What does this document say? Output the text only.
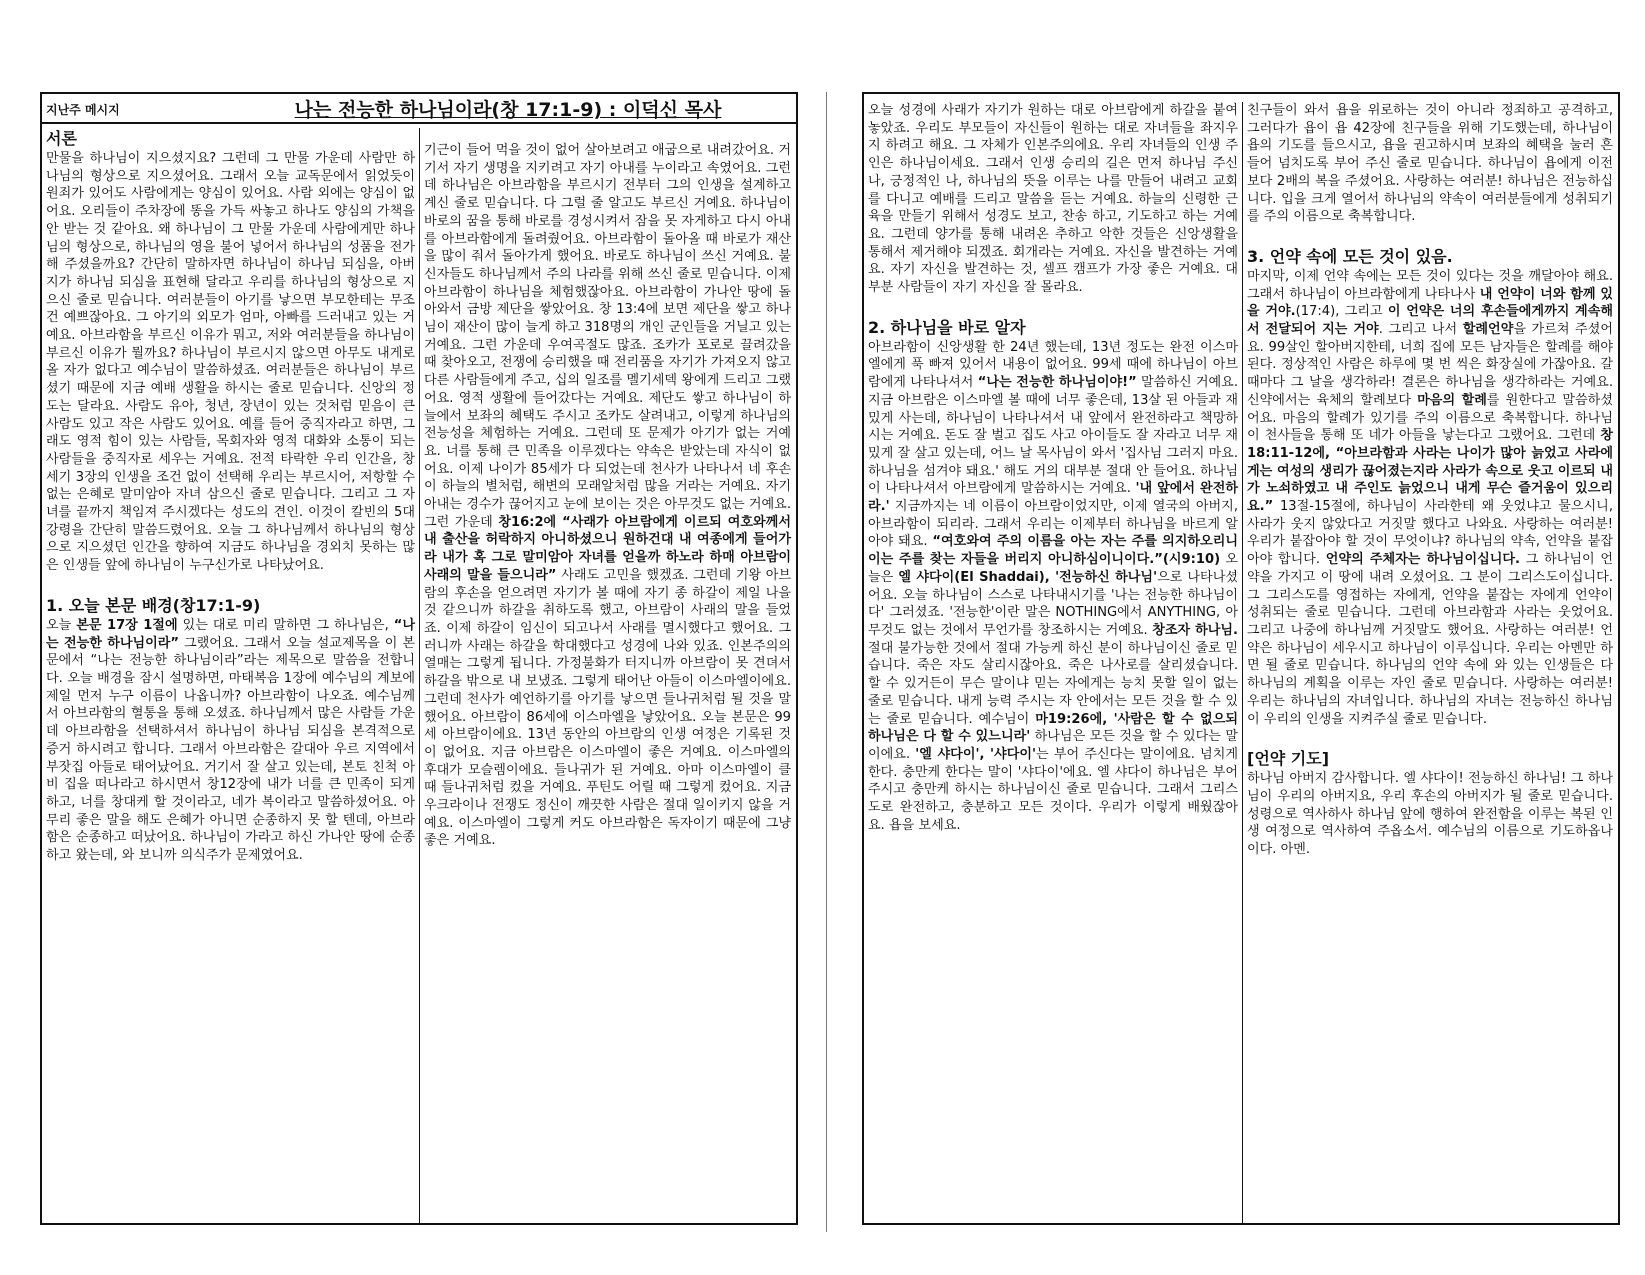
지난주 메시지	나는 전능한 하나님이라(창 17:1-9) : 이덕신 목사
서론

만물을 하나님이 지으셨지요? 그런데 그 만물 가운데 사람만 하나님의 형상으로 지으셨어요. 그래서 오늘 교독문에서 읽었듯이 원죄가 있어도 사람에게는 양심이 있어요. 사람 외에는 양심이 없어요. 오리들이 주차장에 똥을 가득 싸놓고 하나도 양심의 가책을 안 받는 것 같아요. 왜 하나님이 그 만물 가운데 사람에게만 하나님의 형상으로, 하나님의 영을 불어 넣어서 하나님의 성품을 전가해 주셨을까요? 간단히 말하자면 하나님이 하나님 되심을, 아버지가 하나님 되심을 표현해 달라고 우리를 하나님의 형상으로 지으신 줄로 믿습니다. 여러분들이 아기를 낳으면 부모한테는 무조건 예쁘잖아요. 그 아기의 외모가 엄마, 아빠를 드러내고 있는 거예요. 아브라함을 부르신 이유가 뭐고, 저와 여러분들을 하나님이 부르신 이유가 뭘까요? 하나님이 부르시지 않으면 아무도 내게로 올 자가 없다고 예수님이 말씀하셨죠. 여러분들은 하나님이 부르셨기 때문에 지금 예배 생활을 하시는 줄로 믿습니다. 신앙의 정도는 달라요. 사람도 유아, 청년, 장년이 있는 것처럼 믿음이 큰 사람도 있고 작은 사람도 있어요. 예를 들어 중직자라고 하면, 그래도 영적 힘이 있는 사람들, 목회자와 영적 대화와 소통이 되는 사람들을 중직자로 세우는 거예요. 전적 타락한 우리 인간을, 창세기 3장의 인생을 조건 없이 선택해 우리는 부르시어, 저항할 수 없는 은혜로 말미암아 자녀 삼으신 줄로 믿습니다. 그리고 그 자녀를 끝까지 책임져 주시겠다는 성도의 견인. 이것이 칼빈의 5대 강령을 간단히 말씀드렸어요. 오늘 그 하나님께서 하나님의 형상으로 지으셨던 인간을 향하여 지금도 하나님을 경외치 못하는 많은 인생들 앞에 하나님이 누구신가로 나타났어요.

1. 오늘 본문 배경(창17:1-9)

오늘 본문 17장 1절에 있는 대로 미리 말하면 그 하나님은, “나는 전능한 하나님이라” 그랬어요. 그래서 오늘 설교제목을 이 본문에서 “나는 전능한 하나님이라”라는 제목으로 말씀을 전합니다. 오늘 배경을 잠시 설명하면, 마태복음 1장에 예수님의 계보에 제일 먼저 누구 이름이 나옵니까? 아브라함이 나오죠. 예수님께서 아브라함의 혈통을 통해 오셨죠. 하나님께서 많은 사람들 가운데 아브라함을 선택하셔서 하나님이 하나님 되심을 본격적으로 증거 하시려고 합니다. 그래서 아브라함은 갈대아 우르 지역에서 부잣집 아들로 태어났어요. 거기서 잘 살고 있는데, 본토 친척 아비 집을 떠나라고 하시면서 창12장에 내가 너를 큰 민족이 되게 하고, 너를 창대케 할 것이라고, 네가 복이라고 말씀하셨어요. 아무리 좋은 말을 해도 은혜가 아니면 순종하지 못 할 텐데, 아브라함은 순종하고 떠났어요. 하나님이 가라고 하신 가나안 땅에 순종하고 왔는데, 와 보니까 의식주가 문제였어요.

기근이 들어 먹을 것이 없어 살아보려고 애굽으로 내려갔어요. 거기서 자기 생명을 지키려고 자기 아내를 누이라고 속였어요. 그런데 하나님은 아브라함을 부르시기 전부터 그의 인생을 설계하고 계신 줄로 믿습니다. 다 그럴 줄 알고도 부르신 거예요. 하나님이 바로의 꿈을 통해 바로를 경성시켜서 잠을 못 자게하고 다시 아내를 아브라함에게 돌려줬어요. 아브라함이 돌아올 때 바로가 재산을 많이 줘서 돌아가게 했어요. 바로도 하나님이 쓰신 거예요. 불신자들도 하나님께서 주의 나라를 위해 쓰신 줄로 믿습니다. 이제 아브라함이 하나님을 체험했잖아요. 아브라함이 가나안 땅에 돌아와서 금방 제단을 쌓았어요. 창 13:4에 보면 제단을 쌓고 하나님이 재산이 많이 늘게 하고 318명의 개인 군인들을 거닐고 있는 거예요. 그런 가운데 우여곡절도 많죠. 조카가 포로로 끌려갔을 때 찾아오고, 전쟁에 승리했을 때 전리품을 자기가 가져오지 않고 다른 사람들에게 주고, 십의 일조를 멜기세덱 왕에게 드리고 그랬어요. 영적 생활에 들어갔다는 거예요. 제단도 쌓고 하나님이 하늘에서 보좌의 혜택도 주시고 조카도 살려내고, 이렇게 하나님의 전능성을 체험하는 거예요. 그런데 또 문제가 아기가 없는 거예요. 너를 통해 큰 민족을 이루겠다는 약속은 받았는데 자식이 없어요. 이제 나이가 85세가 다 되었는데 천사가 나타나서 네 후손이 하늘의 별처럼, 해변의 모래알처럼 많을 거라는 거예요. 자기 아내는 경수가 끊어지고 눈에 보이는 것은 아무것도 없는 거예요. 그런 가운데 창16:2에 “사래가 아브람에게 이르되 여호와께서 내 출산을 허락하지 아니하셨으니 원하건대 내 여종에게 들어가라 내가 혹 그로 말미암아 자녀를 얻을까 하노라 하매 아브람이 사래의 말을 들으니라” 사래도 고민을 했겠죠. 그런데 기왕 아브람의 후손을 얻으려면 자기가 볼 때에 자기 종 하갈이 제일 나을 것 같으니까 하갈을 취하도록 했고, 아브람이 사래의 말을 들었죠. 이제 하갈이 임신이 되고나서 사래를 멸시했다고 했어요. 그러니까 사래는 하갈을 학대했다고 성경에 나와 있죠. 인본주의의 열매는 그렇게 됩니다. 가정불화가 터지니까 아브람이 못 견뎌서 하갈을 밖으로 내 보냈죠. 그렇게 태어난 아들이 이스마엘이에요. 그런데 천사가 예언하기를 아기를 낳으면 들나귀처럼 될 것을 말했어요. 아브람이 86세에 이스마엘을 낳았어요. 오늘 본문은 99세 아브람이에요. 13년 동안의 아브람의 인생 여정은 기록된 것이 없어요. 지금 아브람은 이스마엘이 좋은 거예요. 이스마엘의 후대가 모슬렘이에요. 들나귀가 된 거예요. 아마 이스마엘이 클 때 들나귀처럼 컸을 거예요. 푸틴도 어릴 때 그렇게 컸어요. 지금 우크라이나 전쟁도 정신이 깨끗한 사람은 절대 일이키지 않을 거예요. 이스마엘이 그렇게 커도 아브라함은 독자이기 때문에 그냥 좋은 거예요.

오늘 성경에 사래가 자기가 원하는 대로 아브람에게 하갈을 붙여 놓았죠. 우리도 부모들이 자신들이 원하는 대로 자녀들을 좌지우지 하려고 해요. 그 자체가 인본주의에요. 우리 자녀들의 인생 주인은 하나님이세요. 그래서 인생 승리의 길은 먼저 하나님 주신 나, 긍정적인 나, 하나님의 뜻을 이루는 나를 만들어 내려고 교회를 다니고 예배를 드리고 말씀을 듣는 거예요. 하늘의 신령한 근육을 만들기 위해서 성경도 보고, 찬송 하고, 기도하고 하는 거예요. 그런데 양가를 통해 내려온 추하고 악한 것들은 신앙생활을 통해서 제거해야 되겠죠. 회개라는 거예요. 자신을 발견하는 거예요. 자기 자신을 발견하는 것, 셀프 캠프가 가장 좋은 거예요. 대부분 사람들이 자기 자신을 잘 몰라요.

2. 하나님을 바로 알자

아브라함이 신앙생활 한 24년 했는데, 13년 정도는 완전 이스마엘에게 푹 빠져 있어서 내용이 없어요. 99세 때에 하나님이 아브람에게 나타나셔서 “나는 전능한 하나님이야!” 말씀하신 거예요. 지금 아브람은 이스마엘 볼 때에 너무 좋은데, 13살 된 아들과 재밌게 사는데, 하나님이 나타나셔서 내 앞에서 완전하라고 책망하시는 거예요. 돈도 잘 벌고 집도 사고 아이들도 잘 자라고 너무 재밌게 잘 살고 있는데, 어느 날 목사님이 와서 '집사님 그러지 마요. 하나님을 섬겨야 돼요.' 해도 거의 대부분 절대 안 들어요. 하나님이 나타나셔서 아브람에게 말씀하시는 거예요. '내 앞에서 완전하라.' 지금까지는 네 이름이 아브람이었지만, 이제 열국의 아버지, 아브라함이 되리라. 그래서 우리는 이제부터 하나님을 바르게 알아야 돼요. “여호와여 주의 이름을 아는 자는 주를 의지하오리니 이는 주를 찾는 자들을 버리지 아니하심이니이다.”(시9:10) 오늘은 엘 샤다이(El Shaddai), '전능하신 하나님'으로 나타나셨어요. 오늘 하나님이 스스로 나타내시기를 '나는 전능한 하나님이다' 그러셨죠. '전능한'이란 말은 NOTHING에서 ANYTHING, 아무것도 없는 것에서 무언가를 창조하시는 거예요. 창조자 하나님. 절대 불가능한 것에서 절대 가능케 하신 분이 하나님이신 줄로 믿습니다. 죽은 자도 살리시잖아요. 죽은 나사로를 살리셨습니다. 할 수 있거든이 무슨 말이냐 믿는 자에게는 능치 못할 일이 없는 줄로 믿습니다. 내게 능력 주시는 자 안에서는 모든 것을 할 수 있는 줄로 믿습니다. 예수님이 마19:26에, '사람은 할 수 없으되 하나님은 다 할 수 있느니라' 하나님은 모든 것을 할 수 있다는 말이에요. '엘 샤다이', '샤다이'는 부어 주신다는 말이에요. 넘치게 한다. 충만케 한다는 말이 '샤다이'에요. 엘 샤다이 하나님은 부어주시고 충만케 하시는 하나님이신 줄로 믿습니다. 그래서 그리스도로 완전하고, 충분하고 모든 것이다. 우리가 이렇게 배웠잖아요. 욥을 보세요.

친구들이 와서 욥을 위로하는 것이 아니라 정죄하고 공격하고, 그러다가 욥이 욥 42장에 친구들을 위해 기도했는데, 하나님이 욥의 기도를 들으시고, 욥을 권고하시며 보좌의 혜택을 눌러 흔들어 넘치도록 부어 주신 줄로 믿습니다. 하나님이 욥에게 이전보다 2배의 복을 주셨어요. 사랑하는 여러분! 하나님은 전능하십니다. 입을 크게 열어서 하나님의 약속이 여러분들에게 성취되기를 주의 이름으로 축복합니다.

3. 언약 속에 모든 것이 있음.

마지막, 이제 언약 속에는 모든 것이 있다는 것을 깨달아야 해요. 그래서 하나님이 아브라함에게 나타나사 내 언약이 너와 함께 있을 거야.(17:4), 그리고 이 언약은 너의 후손들에게까지 계속해서 전달되어 지는 거야. 그리고 나서 할례언약을 가르쳐 주셨어요. 99살인 할아버지한테, 너희 집에 모든 남자들은 할례를 해야 된다. 정상적인 사람은 하루에 몇 번 씩은 화장실에 가잖아요. 갈 때마다 그 날을 생각하라! 결론은 하나님을 생각하라는 거예요. 신약에서는 육체의 할례보다 마음의 할례를 원한다고 말씀하셨어요. 마음의 할례가 있기를 주의 이름으로 축복합니다. 하나님이 천사들을 통해 또 네가 아들을 낳는다고 그랬어요. 그런데 창18:11-12에, “아브라함과 사라는 나이가 많아 늙었고 사라에게는 여성의 생리가 끊어졌는지라 사라가 속으로 웃고 이르되 내가 노쇠하였고 내 주인도 늙었으니 내게 무슨 즐거움이 있으리요.” 13절-15절에, 하나님이 사라한테 왜 웃었냐고 물으시니, 사라가 웃지 않았다고 거짓말 했다고 나와요. 사랑하는 여러분! 우리가 붙잡아야 할 것이 무엇이냐? 하나님의 약속, 언약을 붙잡아야 합니다. 언약의 주체자는 하나님이십니다. 그 하나님이 언약을 가지고 이 땅에 내려 오셨어요. 그 분이 그리스도이십니다. 그 그리스도를 영접하는 자에게, 언약을 붙잡는 자에게 언약이 성취되는 줄로 믿습니다. 그런데 아브라함과 사라는 웃었어요. 그리고 나중에 하나님께 거짓말도 했어요. 사랑하는 여러분! 언약은 하나님이 세우시고 하나님이 이루십니다. 우리는 아멘만 하면 될 줄로 믿습니다. 하나님의 언약 속에 와 있는 인생들은 다 하나님의 계획을 이루는 자인 줄로 믿습니다. 사랑하는 여러분! 우리는 하나님의 자녀입니다. 하나님의 자녀는 전능하신 하나님이 우리의 인생을 지켜주실 줄로 믿습니다.

[언약 기도]

하나님 아버지 감사합니다. 엘 샤다이! 전능하신 하나님! 그 하나님이 우리의 아버지요, 우리 후손의 아버지가 될 줄로 믿습니다. 성령으로 역사하사 하나님 앞에 행하여 완전함을 이루는 복된 인생 여정으로 역사하여 주옵소서. 예수님의 이름으로 기도하옵나이다. 아멘.
